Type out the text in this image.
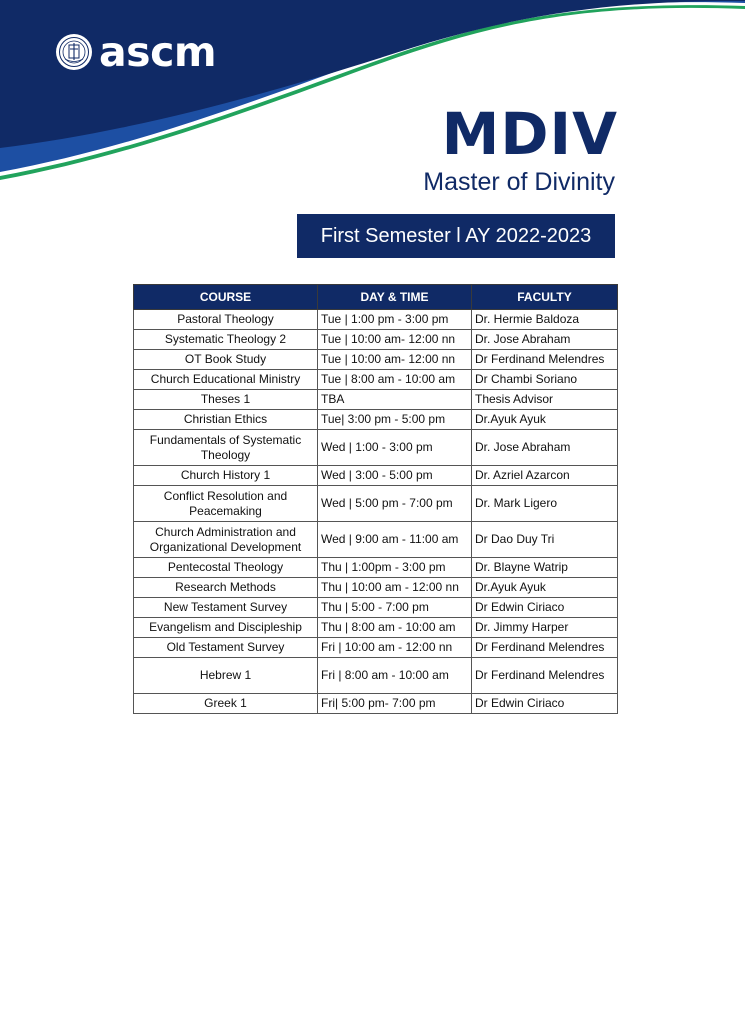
ascm
MDIV
Master of Divinity
First Semester l AY 2022-2023
COURSE	DAY & TIME	FACULTY
Pastoral Theology	Tue | 1:00 pm - 3:00 pm	Dr. Hermie Baldoza
Systematic Theology 2	Tue | 10:00 am- 12:00 nn	Dr. Jose Abraham
OT Book Study	Tue | 10:00 am- 12:00 nn	Dr Ferdinand Melendres
Church Educational Ministry	Tue | 8:00 am - 10:00 am	Dr Chambi Soriano
Theses 1	TBA	Thesis Advisor
Christian Ethics	Tue| 3:00 pm - 5:00 pm	Dr.Ayuk Ayuk
Fundamentals of Systematic Theology	Wed | 1:00 - 3:00 pm	Dr. Jose Abraham
Church History 1	Wed | 3:00 - 5:00 pm	Dr. Azriel Azarcon
Conflict Resolution and Peacemaking	Wed | 5:00 pm - 7:00 pm	Dr. Mark Ligero
Church Administration and Organizational Development	Wed | 9:00 am - 11:00 am	Dr Dao Duy Tri
Pentecostal Theology	Thu | 1:00pm - 3:00 pm	Dr. Blayne Watrip
Research Methods	Thu | 10:00 am - 12:00 nn	Dr.Ayuk Ayuk
New Testament Survey	Thu | 5:00 - 7:00 pm	Dr Edwin Ciriaco
Evangelism and Discipleship	Thu | 8:00 am - 10:00 am	Dr. Jimmy Harper
Old Testament Survey	Fri | 10:00 am - 12:00 nn	Dr Ferdinand Melendres
Hebrew 1	Fri | 8:00 am - 10:00 am	Dr Ferdinand Melendres
Greek 1	Fri| 5:00 pm- 7:00 pm	Dr Edwin Ciriaco
